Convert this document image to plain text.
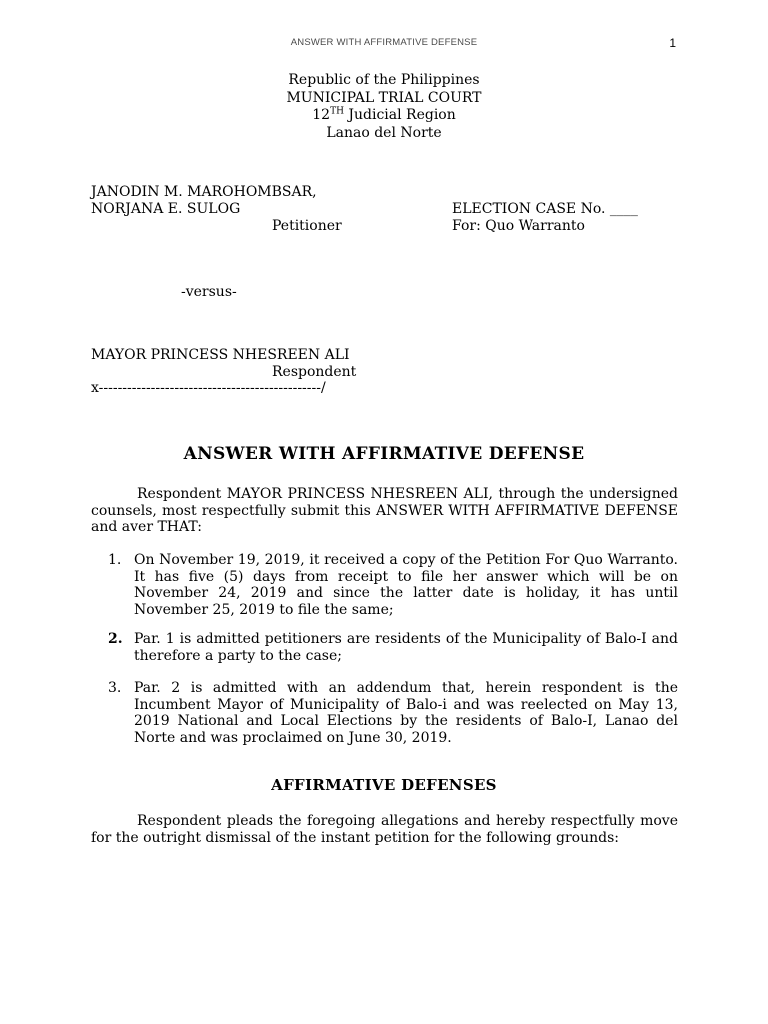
ANSWER WITH AFFIRMATIVE DEFENSE	1
Republic of the Philippines
MUNICIPAL TRIAL COURT
12TH Judicial Region
Lanao del Norte
JANODIN M. MAROHOMBSAR,
NORJANA E. SULOG
Petitioner
ELECTION CASE No. ____
For: Quo Warranto
-versus-
MAYOR PRINCESS NHESREEN ALI
Respondent
x-----------------------------------------------/
ANSWER WITH AFFIRMATIVE DEFENSE
Respondent MAYOR PRINCESS NHESREEN ALI, through the undersigned counsels, most respectfully submit this ANSWER WITH AFFIRMATIVE DEFENSE and aver THAT:
1. On November 19, 2019, it received a copy of the Petition For Quo Warranto. It has five (5) days from receipt to file her answer which will be on November 24, 2019 and since the latter date is holiday, it has until November 25, 2019 to file the same;
2. Par. 1 is admitted petitioners are residents of the Municipality of Balo-I and therefore a party to the case;
3. Par. 2 is admitted with an addendum that, herein respondent is the Incumbent Mayor of Municipality of Balo-i and was reelected on May 13, 2019 National and Local Elections by the residents of Balo-I, Lanao del Norte and was proclaimed on June 30, 2019.
AFFIRMATIVE DEFENSES
Respondent pleads the foregoing allegations and hereby respectfully move for the outright dismissal of the instant petition for the following grounds:
